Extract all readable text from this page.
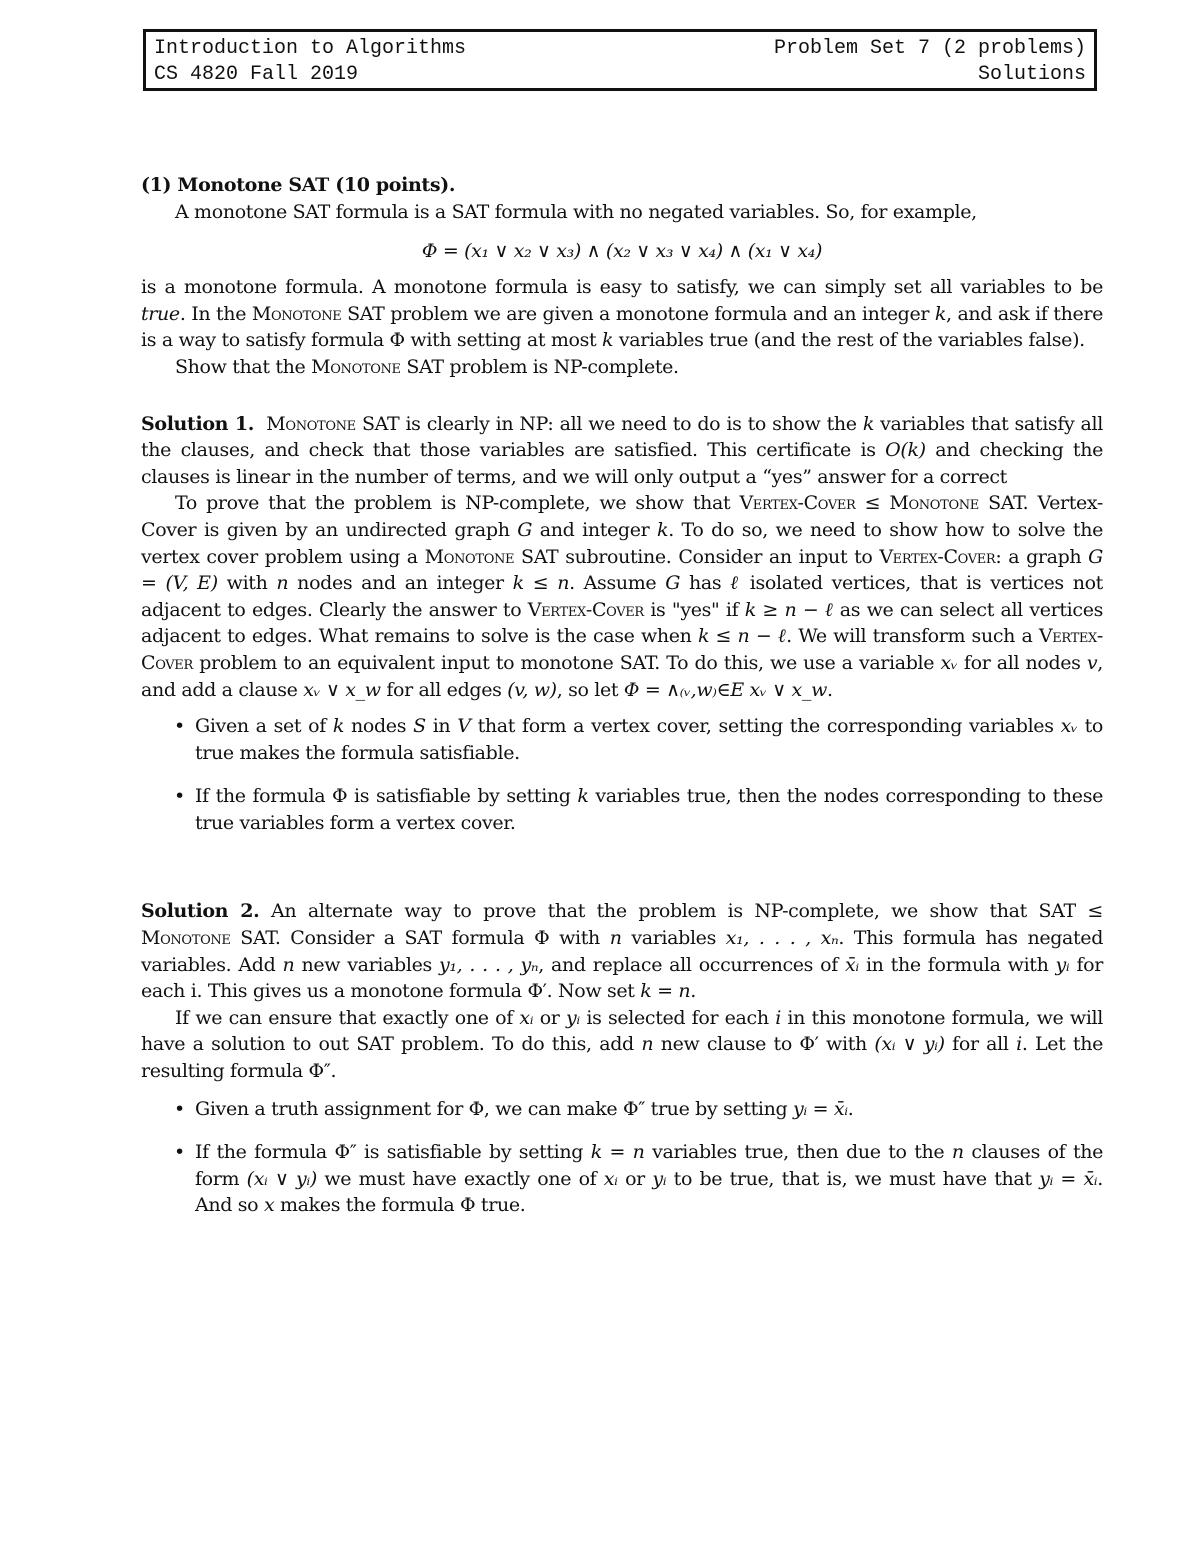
Introduction to Algorithms	Problem Set 7 (2 problems)
CS 4820 Fall 2019	Solutions

(1) Monotone SAT (10 points).

A monotone SAT formula is a SAT formula with no negated variables. So, for example,

Φ = (x₁ ∨ x₂ ∨ x₃) ∧ (x₂ ∨ x₃ ∨ x₄) ∧ (x₁ ∨ x₄)

is a monotone formula. A monotone formula is easy to satisfy, we can simply set all variables to be true. In the Monotone SAT problem we are given a monotone formula and an integer k, and ask if there is a way to satisfy formula Φ with setting at most k variables true (and the rest of the variables false).

Show that the Monotone SAT problem is NP-complete.

Solution 1. Monotone SAT is clearly in NP: all we need to do is to show the k variables that satisfy all the clauses, and check that those variables are satisfied. This certificate is O(k) and checking the clauses is linear in the number of terms, and we will only output a “yes” answer for a correct

To prove that the problem is NP-complete, we show that Vertex-Cover ≤ Monotone SAT. Vertex-Cover is given by an undirected graph G and integer k. To do so, we need to show how to solve the vertex cover problem using a Monotone SAT subroutine. Consider an input to Vertex-Cover: a graph G = (V, E) with n nodes and an integer k ≤ n. Assume G has ℓ isolated vertices, that is vertices not adjacent to edges. Clearly the answer to Vertex-Cover is "yes" if k ≥ n − ℓ as we can select all vertices adjacent to edges. What remains to solve is the case when k ≤ n − ℓ. We will transform such a Vertex-Cover problem to an equivalent input to monotone SAT. To do this, we use a variable xᵥ for all nodes v, and add a clause xᵥ ∨ x_w for all edges (v, w), so let Φ = ∧₍ᵥ,w₎∈E xᵥ ∨ x_w.

• Given a set of k nodes S in V that form a vertex cover, setting the corresponding variables xᵥ to true makes the formula satisfiable.
• If the formula Φ is satisfiable by setting k variables true, then the nodes corresponding to these true variables form a vertex cover.

Solution 2. An alternate way to prove that the problem is NP-complete, we show that SAT ≤ Monotone SAT. Consider a SAT formula Φ with n variables x₁, . . . , xₙ. This formula has negated variables. Add n new variables y₁, . . . , yₙ, and replace all occurrences of x̄ᵢ in the formula with yᵢ for each i. This gives us a monotone formula Φ′. Now set k = n.

If we can ensure that exactly one of xᵢ or yᵢ is selected for each i in this monotone formula, we will have a solution to out SAT problem. To do this, add n new clause to Φ′ with (xᵢ ∨ yᵢ) for all i. Let the resulting formula Φ″.

• Given a truth assignment for Φ, we can make Φ″ true by setting yᵢ = x̄ᵢ.
• If the formula Φ″ is satisfiable by setting k = n variables true, then due to the n clauses of the form (xᵢ ∨ yᵢ) we must have exactly one of xᵢ or yᵢ to be true, that is, we must have that yᵢ = x̄ᵢ. And so x makes the formula Φ true.
